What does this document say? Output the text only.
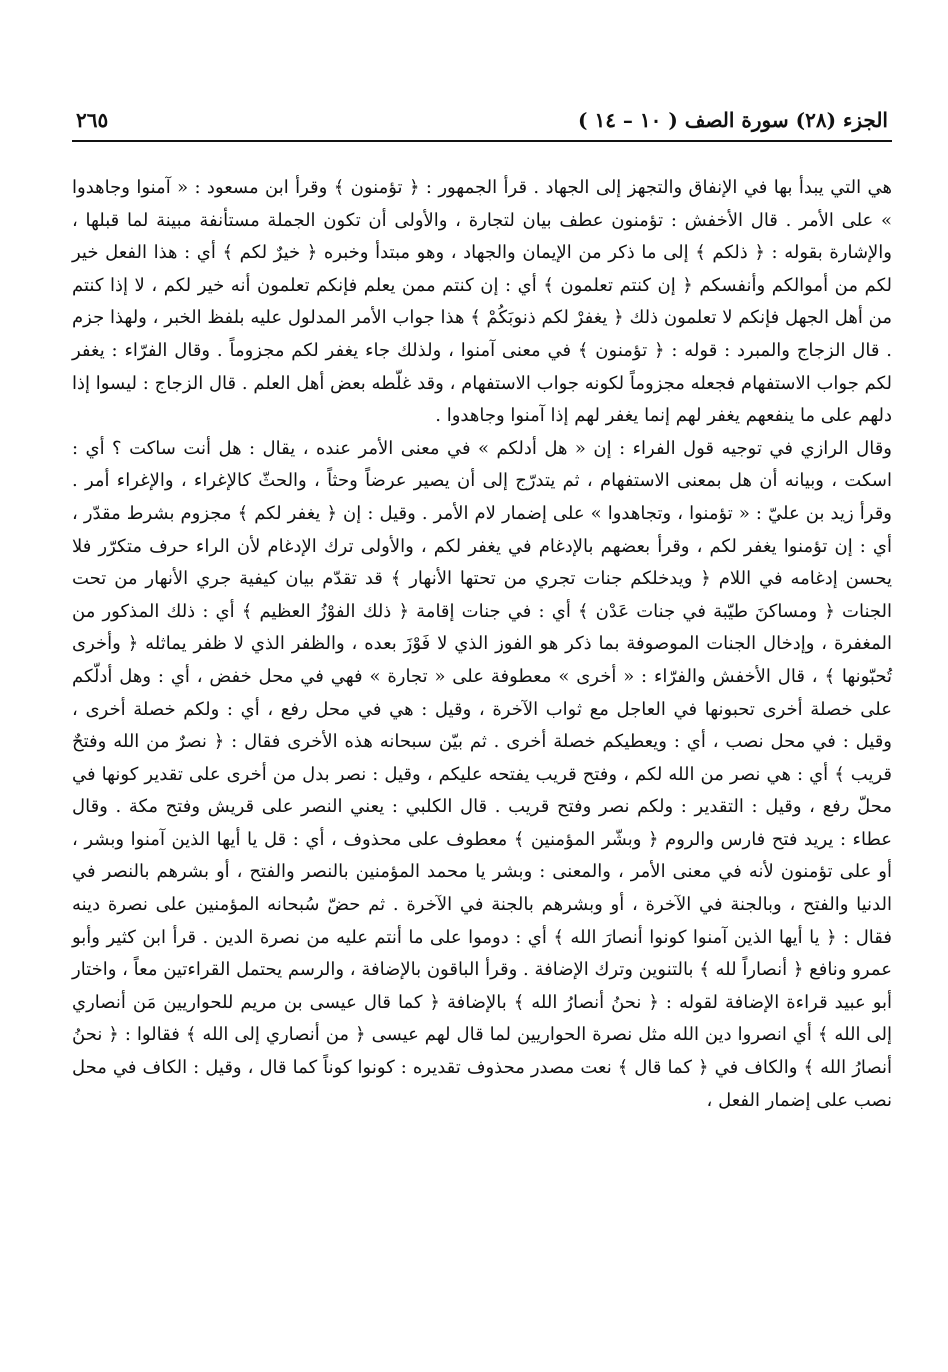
الجزء (٢٨) سورة الصف ( ١٠ – ١٤ )
٢٦٥

هي التي يبدأ بها في الإنفاق والتجهز إلى الجهاد . قرأ الجمهور : ﴿ تؤمنون ﴾ وقرأ ابن مسعود : « آمنوا وجاهدوا » على الأمر . قال الأخفش : تؤمنون عطف بيان لتجارة ، والأولى أن تكون الجملة مستأنفة مبينة لما قبلها ، والإشارة بقوله : ﴿ ذلكم ﴾ إلى ما ذكر من الإيمان والجهاد ، وهو مبتدأ وخبره ﴿ خيرٌ لكم ﴾ أي : هذا الفعل خير لكم من أموالكم وأنفسكم ﴿ إن كنتم تعلمون ﴾ أي : إن كنتم ممن يعلم فإنكم تعلمون أنه خير لكم ، لا إذا كنتم من أهل الجهل فإنكم لا تعلمون ذلك ﴿ يغفرْ لكم ذنوبَكُمْ ﴾ هذا جواب الأمر المدلول عليه بلفظ الخبر ، ولهذا جزم . قال الزجاج والمبرد : قوله : ﴿ تؤمنون ﴾ في معنى آمنوا ، ولذلك جاء يغفر لكم مجزوماً . وقال الفرّاء : يغفر لكم جواب الاستفهام فجعله مجزوماً لكونه جواب الاستفهام ، وقد غلّطه بعض أهل العلم . قال الزجاج : ليسوا إذا دلهم على ما ينفعهم يغفر لهم إنما يغفر لهم إذا آمنوا وجاهدوا .

وقال الرازي في توجيه قول الفراء : إن « هل أدلكم » في معنى الأمر عنده ، يقال : هل أنت ساكت ؟ أي : اسكت ، وبيانه أن هل بمعنى الاستفهام ، ثم يتدرّج إلى أن يصير عرضاً وحثاً ، والحثّ كالإغراء ، والإغراء أمر . وقرأ زيد بن عليّ : « تؤمنوا ، وتجاهدوا » على إضمار لام الأمر . وقيل : إن ﴿ يغفر لكم ﴾ مجزوم بشرط مقدّر ، أي : إن تؤمنوا يغفر لكم ، وقرأ بعضهم بالإدغام في يغفر لكم ، والأولى ترك الإدغام لأن الراء حرف متكرّر فلا يحسن إدغامه في اللام ﴿ ويدخلكم جنات تجري من تحتها الأنهار ﴾ قد تقدّم بيان كيفية جري الأنهار من تحت الجنات ﴿ ومساكنَ طيّبة في جنات عَدْن ﴾ أي : في جنات إقامة ﴿ ذلك الفوْزُ العظيم ﴾ أي : ذلك المذكور من المغفرة ، وإدخال الجنات الموصوفة بما ذكر هو الفوز الذي لا فَوْزَ بعده ، والظفر الذي لا ظفر يماثله ﴿ وأخرى تُحبّونها ﴾ ، قال الأخفش والفرّاء : « أخرى » معطوفة على « تجارة » فهي في محل خفض ، أي : وهل أدلّكم على خصلة أخرى تحبونها في العاجل مع ثواب الآخرة ، وقيل : هي في محل رفع ، أي : ولكم خصلة أخرى ، وقيل : في محل نصب ، أي : ويعطيكم خصلة أخرى . ثم بيّن سبحانه هذه الأخرى فقال : ﴿ نصرٌ من الله وفتحٌ قريب ﴾ أي : هي نصر من الله لكم ، وفتح قريب يفتحه عليكم ، وقيل : نصر بدل من أخرى على تقدير كونها في محلّ رفع ، وقيل : التقدير : ولكم نصر وفتح قريب . قال الكلبي : يعني النصر على قريش وفتح مكة . وقال عطاء : يريد فتح فارس والروم ﴿ وبشّر المؤمنين ﴾ معطوف على محذوف ، أي : قل يا أيها الذين آمنوا وبشر ، أو على تؤمنون لأنه في معنى الأمر ، والمعنى : وبشر يا محمد المؤمنين بالنصر والفتح ، أو بشرهم بالنصر في الدنيا والفتح ، وبالجنة في الآخرة ، أو وبشرهم بالجنة في الآخرة . ثم حضّ سُبحانه المؤمنين على نصرة دينه فقال : ﴿ يا أيها الذين آمنوا كونوا أنصارَ الله ﴾ أي : دوموا على ما أنتم عليه من نصرة الدين . قرأ ابن كثير وأبو عمرو ونافع ﴿ أنصاراً لله ﴾ بالتنوين وترك الإضافة . وقرأ الباقون بالإضافة ، والرسم يحتمل القراءتين معاً ، واختار أبو عبيد قراءة الإضافة لقوله : ﴿ نحنُ أنصارُ الله ﴾ بالإضافة ﴿ كما قال عيسى بن مريم للحواريين مَن أنصاري إلى الله ﴾ أي انصروا دين الله مثل نصرة الحواريين لما قال لهم عيسى ﴿ من أنصاري إلى الله ﴾ فقالوا : ﴿ نحنُ أنصارُ الله ﴾ والكاف في ﴿ كما قال ﴾ نعت مصدر محذوف تقديره : كونوا كوناً كما قال ، وقيل : الكاف في محل نصب على إضمار الفعل ،
